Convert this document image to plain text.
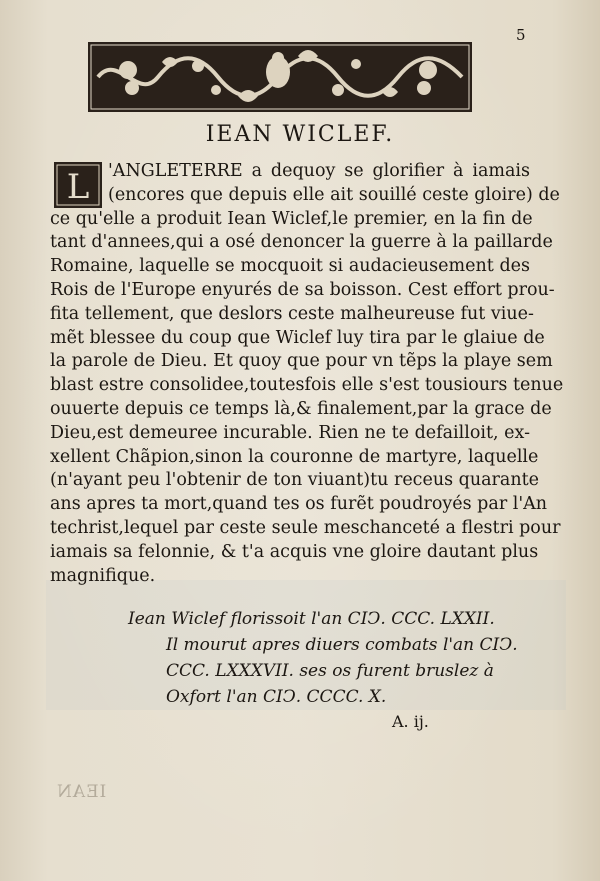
5
IEAN WICLEF.
L	'ANGLETERRE a dequoy se glorifier à iamais
(encores que depuis elle ait souillé ceste gloire) de
ce qu'elle a produit Iean Wiclef,le premier, en la fin de
tant d'annees,qui a osé denoncer la guerre à la paillarde
Romaine, laquelle se mocquoit si audacieusement des
Rois de l'Europe enyurés de sa boisson. Cest effort prou-
fita tellement, que deslors ceste malheureuse fut viue-
mẽt blessee du coup que Wiclef luy tira par le glaiue de
la parole de Dieu. Et quoy que pour vn tẽps la playe sem
blast estre consolidee,toutesfois elle s'est tousiours tenue
ouuerte depuis ce temps là,& finalement,par la grace de
Dieu,est demeuree incurable. Rien ne te defailloit, ex-
xellent Chãpion,sinon la couronne de martyre, laquelle
(n'ayant peu l'obtenir de ton viuant)tu receus quarante
ans apres ta mort,quand tes os furẽt poudroyés par l'An
techrist,lequel par ceste seule meschanceté a flestri pour
iamais sa felonnie, & t'a acquis vne gloire dautant plus
magnifique.
Iean Wiclef florissoit l'an CIↃ. CCC. LXXII.
Il mourut apres diuers combats l'an CIↃ.
CCC. LXXXVII. ses os furent bruslez à
Oxfort l'an CIↃ. CCCC. X.
A. ij.
IEAN
